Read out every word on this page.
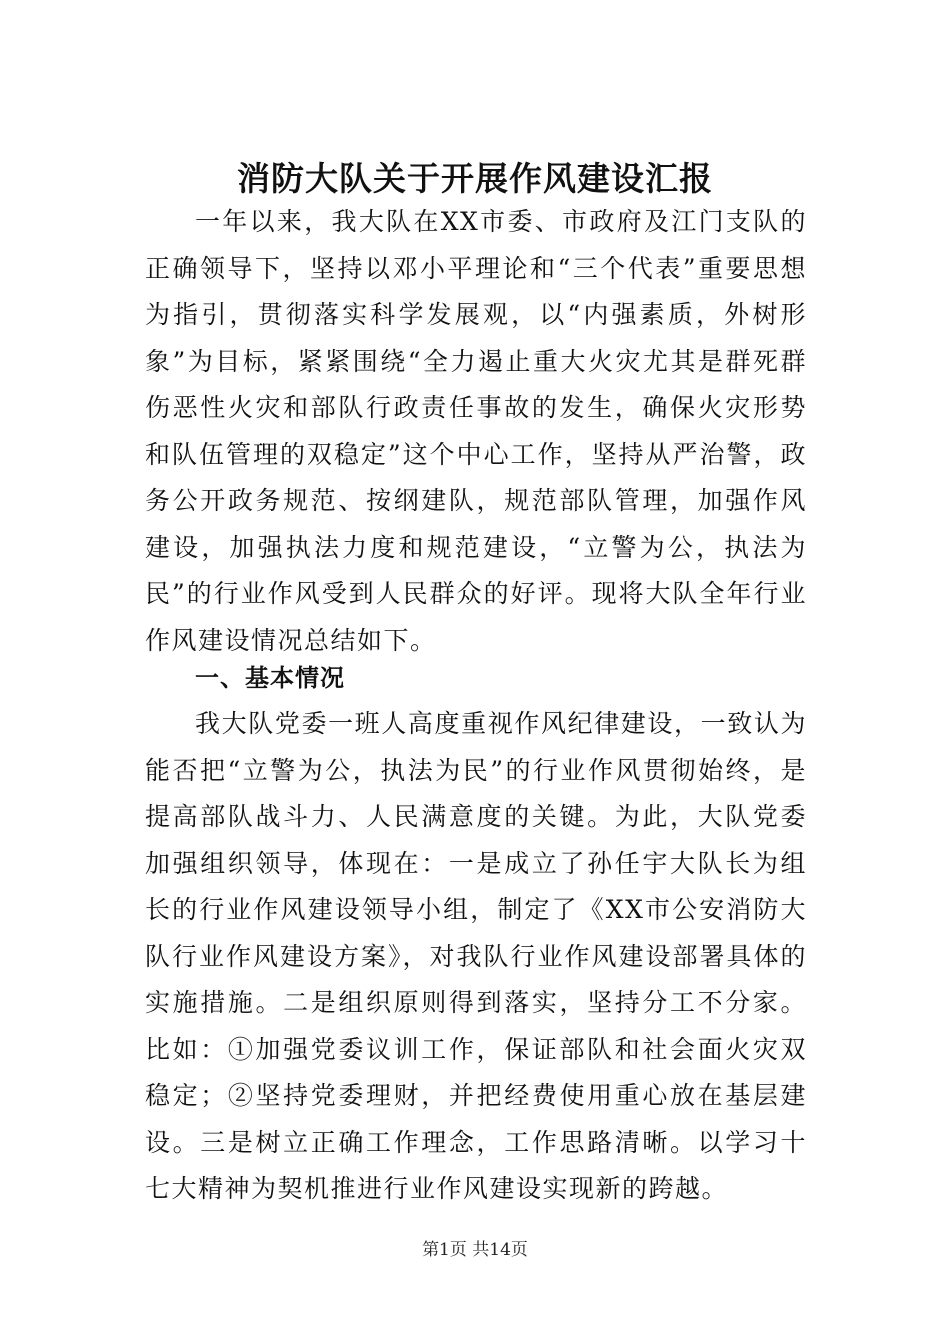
消防大队关于开展作风建设汇报

一年以来，我大队在XX市委、市政府及江门支队的正确领导下，坚持以邓小平理论和“三个代表”重要思想为指引，贯彻落实科学发展观，以“内强素质，外树形象”为目标，紧紧围绕“全力遏止重大火灾尤其是群死群伤恶性火灾和部队行政责任事故的发生，确保火灾形势和队伍管理的双稳定”这个中心工作，坚持从严治警，政务公开政务规范、按纲建队，规范部队管理，加强作风建设，加强执法力度和规范建设，“立警为公，执法为民”的行业作风受到人民群众的好评。现将大队全年行业作风建设情况总结如下。

一、基本情况

我大队党委一班人高度重视作风纪律建设，一致认为能否把“立警为公，执法为民”的行业作风贯彻始终，是提高部队战斗力、人民满意度的关键。为此，大队党委加强组织领导，体现在：一是成立了孙任宇大队长为组长的行业作风建设领导小组，制定了《XX市公安消防大队行业作风建设方案》，对我队行业作风建设部署具体的实施措施。二是组织原则得到落实，坚持分工不分家。比如：①加强党委议训工作，保证部队和社会面火灾双稳定；②坚持党委理财，并把经费使用重心放在基层建设。三是树立正确工作理念，工作思路清晰。以学习十七大精神为契机推进行业作风建设实现新的跨越。

第1页 共14页
